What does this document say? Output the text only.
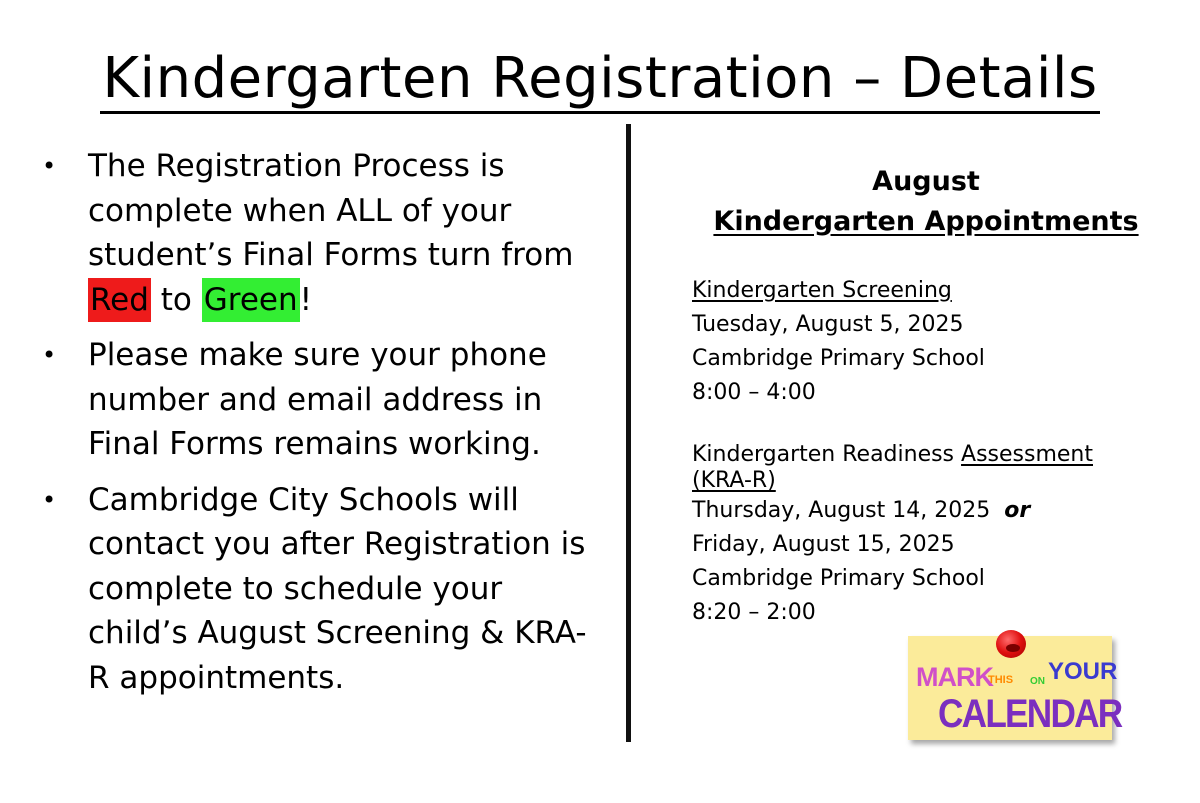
Kindergarten Registration – Details
• The Registration Process is complete when ALL of your student’s Final Forms turn from Red to Green!
• Please make sure your phone number and email address in Final Forms remains working.
• Cambridge City Schools will contact you after Registration is complete to schedule your child’s August Screening & KRA-R appointments.
August
Kindergarten Appointments
Kindergarten Screening
Tuesday, August 5, 2025
Cambridge Primary School
8:00 – 4:00
Kindergarten Readiness Assessment
(KRA-R)
Thursday, August 14, 2025 or
Friday, August 15, 2025
Cambridge Primary School
8:20 – 2:00
MARK
THIS ON YOUR
CALENDAR
